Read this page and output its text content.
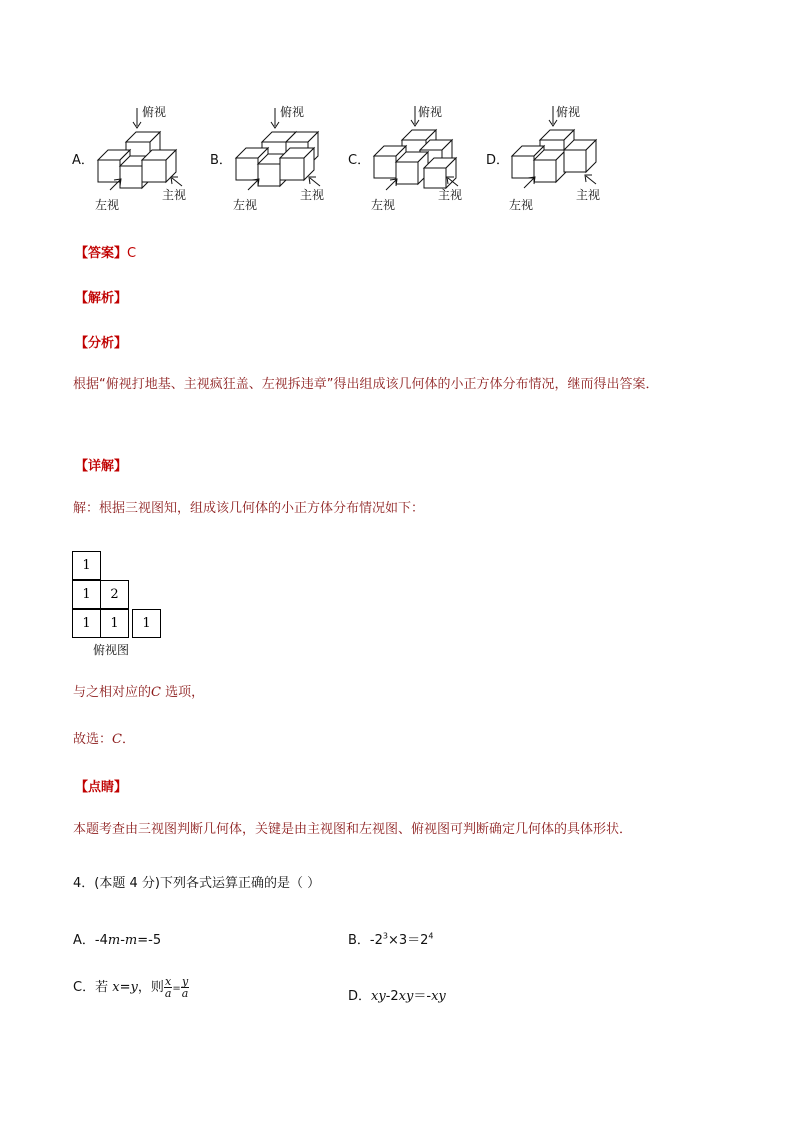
A．
俯视
左视
主视
B．
俯视
左视
主视
C．
俯视
左视
主视
D．
俯视
左视
主视
【答案】C
【解析】
【分析】
根据“俯视打地基、主视疯狂盖、左视拆违章”得出组成该几何体的小正方体分布情况，继而得出答案．
【详解】
解：根据三视图知，组成该几何体的小正方体分布情况如下：
1
1	2
1	1	1
俯视图
与之相对应的C 选项，
故选：C．
【点睛】
本题考查由三视图判断几何体，关键是由主视图和左视图、俯视图可判断确定几何体的具体形状．
4．(本题 4 分)下列各式运算正确的是（ ）
A．-4m-m=-5	B．$-2^3\times 3=2^4$
C．若 x=y，则 $\frac{x}{a} = \frac{y}{a}$	D．xy-2xy＝-xy
